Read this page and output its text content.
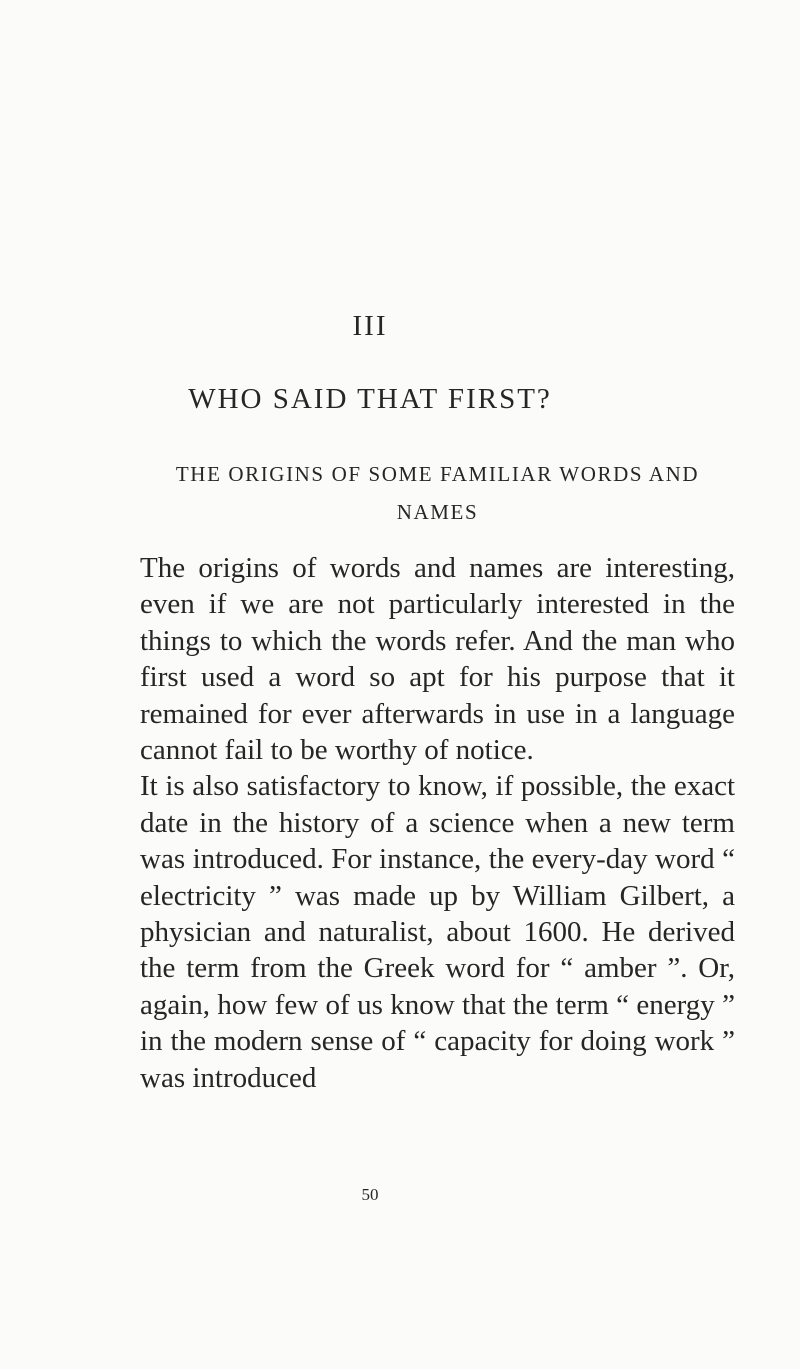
III
WHO SAID THAT FIRST?
THE ORIGINS OF SOME FAMILIAR WORDS AND NAMES

The origins of words and names are interesting, even if we are not particularly interested in the things to which the words refer. And the man who first used a word so apt for his purpose that it remained for ever afterwards in use in a language cannot fail to be worthy of notice.

It is also satisfactory to know, if possible, the exact date in the history of a science when a new term was introduced. For instance, the every-day word “ electricity ” was made up by William Gilbert, a physician and naturalist, about 1600. He derived the term from the Greek word for “ amber ”. Or, again, how few of us know that the term “ energy ” in the modern sense of “ capacity for doing work ” was introduced

50
